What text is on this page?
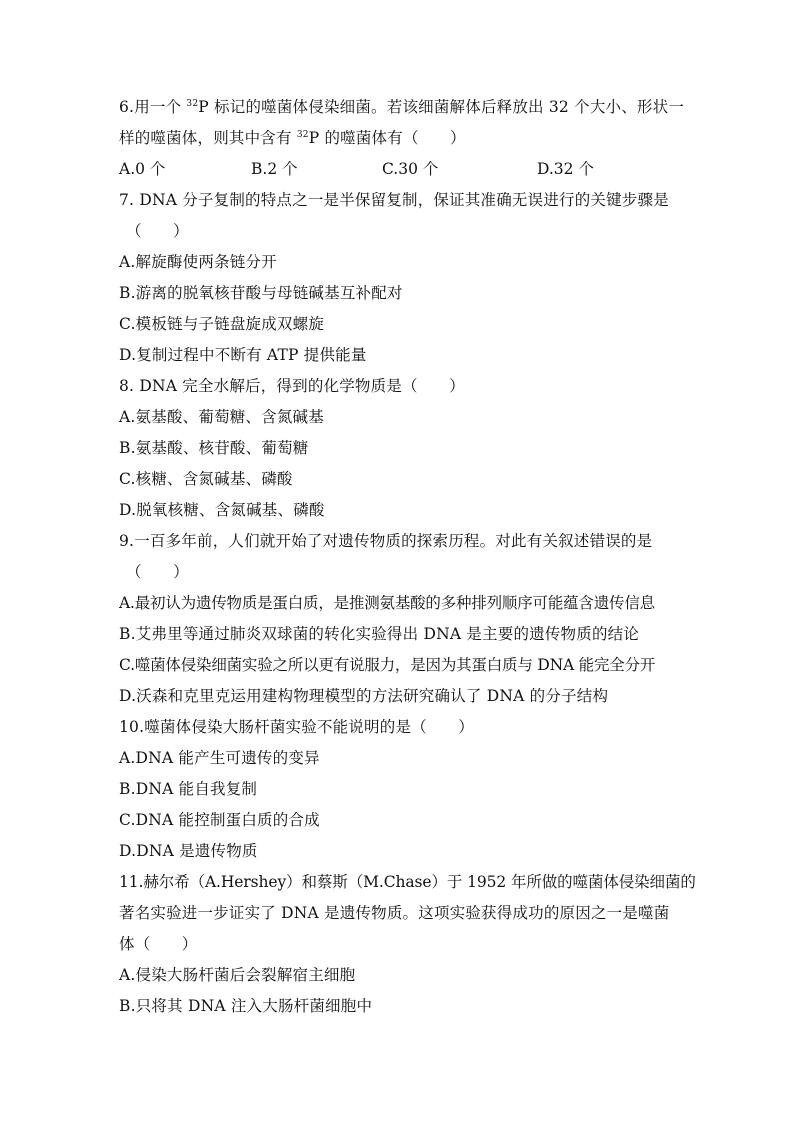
6.用一个 $^{32}$P 标记的噬菌体侵染细菌。若该细菌解体后释放出 32 个大小、形状一
样的噬菌体，则其中含有 $^{32}$P 的噬菌体有（　　）
A.0 个	B.2 个	C.30 个	D.32 个
7. DNA 分子复制的特点之一是半保留复制，保证其准确无误进行的关键步骤是
（　　）
A.解旋酶使两条链分开
B.游离的脱氧核苷酸与母链碱基互补配对
C.模板链与子链盘旋成双螺旋
D.复制过程中不断有 ATP 提供能量
8. DNA 完全水解后，得到的化学物质是（　　）
A.氨基酸、葡萄糖、含氮碱基
B.氨基酸、核苷酸、葡萄糖
C.核糖、含氮碱基、磷酸
D.脱氧核糖、含氮碱基、磷酸
9.一百多年前，人们就开始了对遗传物质的探索历程。对此有关叙述错误的是
（　　）
A.最初认为遗传物质是蛋白质，是推测氨基酸的多种排列顺序可能蕴含遗传信息
B.艾弗里等通过肺炎双球菌的转化实验得出 DNA 是主要的遗传物质的结论
C.噬菌体侵染细菌实验之所以更有说服力，是因为其蛋白质与 DNA 能完全分开
D.沃森和克里克运用建构物理模型的方法研究确认了 DNA 的分子结构
10.噬菌体侵染大肠杆菌实验不能说明的是（　　）
A.DNA 能产生可遗传的变异
B.DNA 能自我复制
C.DNA 能控制蛋白质的合成
D.DNA 是遗传物质
11.赫尔希（A.Hershey）和蔡斯（M.Chase）于 1952 年所做的噬菌体侵染细菌的
著名实验进一步证实了 DNA 是遗传物质。这项实验获得成功的原因之一是噬菌
体（　　）
A.侵染大肠杆菌后会裂解宿主细胞
B.只将其 DNA 注入大肠杆菌细胞中
